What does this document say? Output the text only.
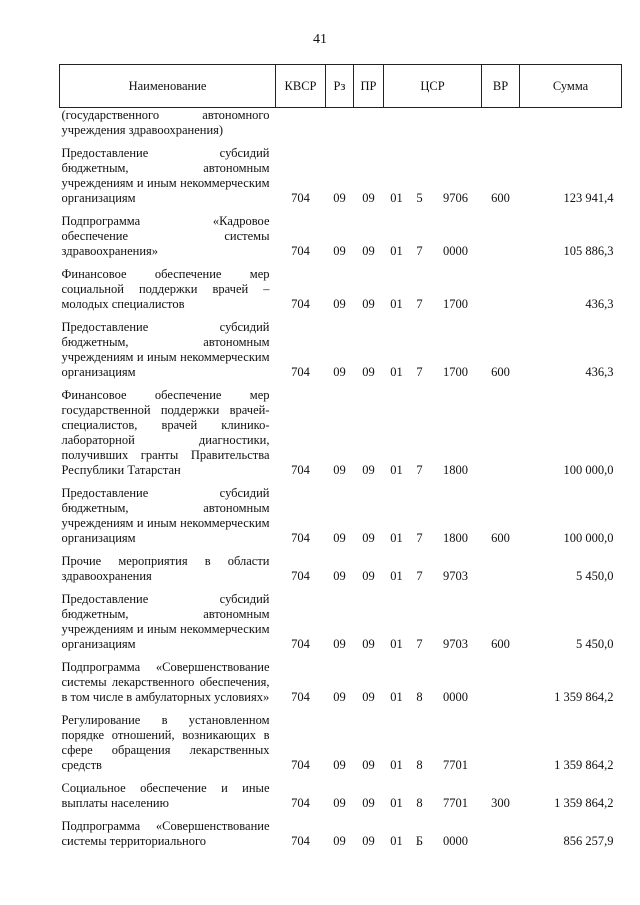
41
Наименование	КВСР	Рз	ПР	ЦСР			ВР	Сумма
(государственного автономного учреждения здравоохранения)								
Предоставление субсидий бюджетным, автономным учреждениям и иным некоммерческим организациям	704	09	09	01	5	9706	600	123 941,4
Подпрограмма «Кадровое обеспечение системы здравоохранения»	704	09	09	01	7	0000		105 886,3
Финансовое обеспечение мер социальной поддержки врачей – молодых специалистов	704	09	09	01	7	1700		436,3
Предоставление субсидий бюджетным, автономным учреждениям и иным некоммерческим организациям	704	09	09	01	7	1700	600	436,3
Финансовое обеспечение мер государственной поддержки врачей-специалистов, врачей клинико-лабораторной диагностики, получивших гранты Правительства Республики Татарстан	704	09	09	01	7	1800		100 000,0
Предоставление субсидий бюджетным, автономным учреждениям и иным некоммерческим организациям	704	09	09	01	7	1800	600	100 000,0
Прочие мероприятия в области здравоохранения	704	09	09	01	7	9703		5 450,0
Предоставление субсидий бюджетным, автономным учреждениям и иным некоммерческим организациям	704	09	09	01	7	9703	600	5 450,0
Подпрограмма «Совершенствование системы лекарственного обеспечения, в том числе в амбулаторных условиях»	704	09	09	01	8	0000		1 359 864,2
Регулирование в установленном порядке отношений, возникающих в сфере обращения лекарственных средств	704	09	09	01	8	7701		1 359 864,2
Социальное обеспечение и иные выплаты населению	704	09	09	01	8	7701	300	1 359 864,2
Подпрограмма «Совершенствование системы территориального	704	09	09	01	Б	0000		856 257,9
